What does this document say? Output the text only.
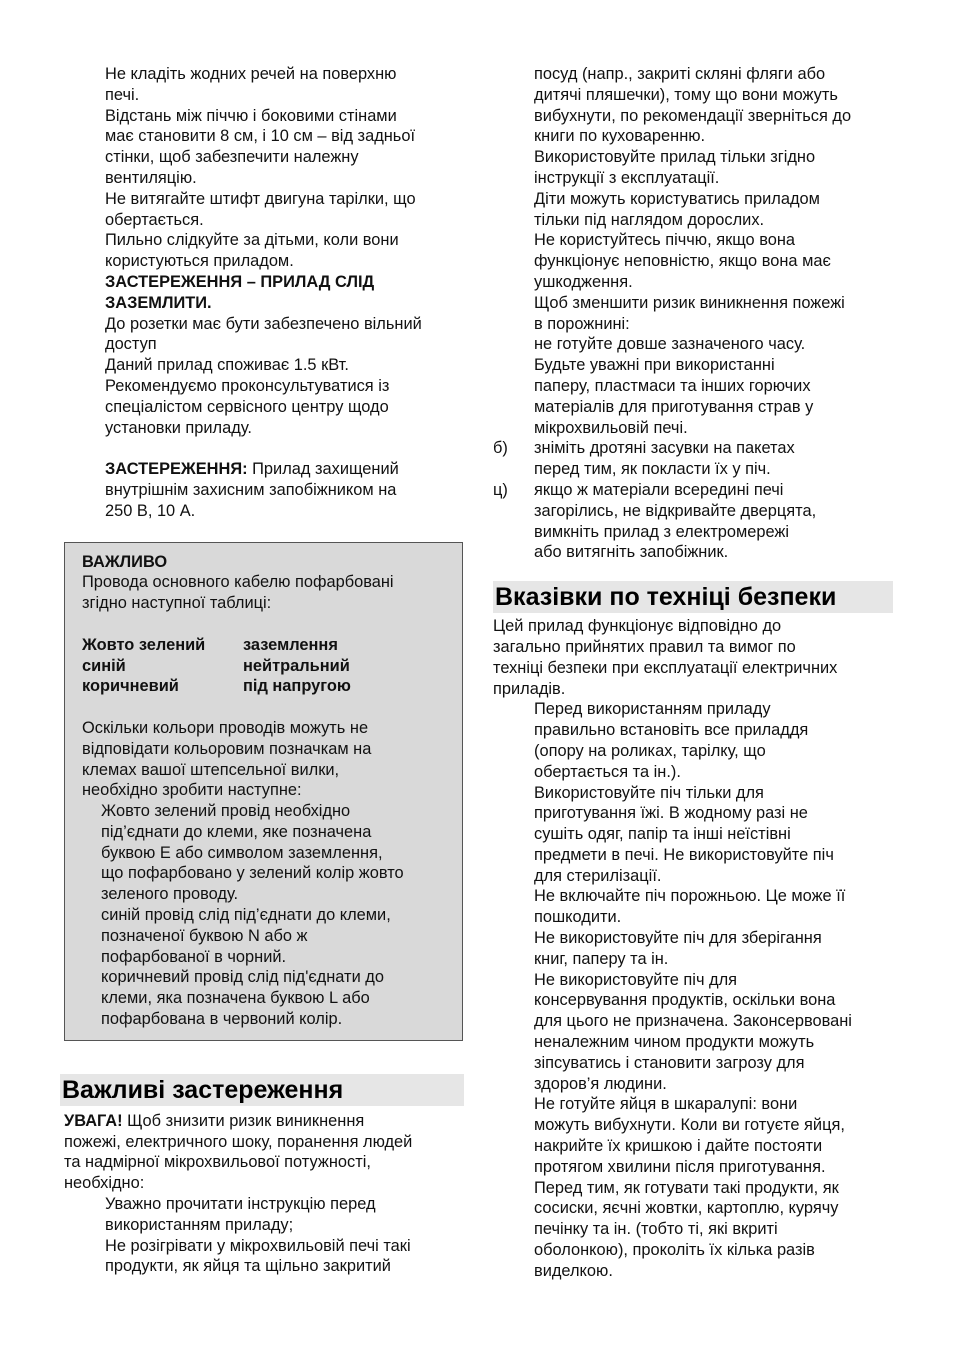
Не кладіть жодних речей на поверхню

печі.

Відстань між піччю і боковими стінами

має становити 8 см, і 10 см – від задньої

стінки, щоб забезпечити належну

вентиляцію.

Не витягайте штифт двигуна тарілки, що

обертається.

Пильно слідкуйте за дітьми, коли вони

користуються приладом.

ЗАСТЕРЕЖЕННЯ – ПРИЛАД СЛІД

ЗАЗЕМЛИТИ.

До розетки має бути забезпечено вільний

доступ

Даний прилад споживає 1.5 кВт.

Рекомендуємо проконсультуватися із

спеціалістом сервісного центру щодо

установки приладу.

ЗАСТЕРЕЖЕННЯ: Прилад захищений

внутрішнім захисним запобіжником на

250 В, 10 А.

ВАЖЛИВО

Провода основного кабелю пофарбовані

згідно наступної таблиці:

Жовто зелений	заземлення
синій	нейтральний
коричневий	під напругою

Оскільки кольори проводів можуть не

відповідати кольоровим позначкам на

клемах вашої штепсельної вилки,

необхідно зробити наступне:

Жовто зелений провід необхідно

під’єднати до клеми, яке позначена

буквою E або символом заземлення,

що пофарбовано у зелений колір жовто

зеленого проводу.

синій провід слід під’єднати до клеми,

позначеної буквою N або ж

пофарбованої в чорний.

коричневий провід слід під'єднати до

клеми, яка позначена буквою L або

пофарбована в червоний колір.

Важливі застереження

УВАГА! Щоб знизити ризик виникнення

пожежі, електричного шоку, поранення людей

та надмірної мікрохвильової потужності,

необхідно:

Уважно прочитати інструкцію перед

використанням приладу;

Не розігрівати у мікрохвильовій печі такі

продукти, як яйця та щільно закритий

посуд (напр., закриті скляні фляги або

дитячі пляшечки), тому що вони можуть

вибухнути, по рекомендації зверніться до

книги по куховаренню.

Використовуйте прилад тільки згідно

інструкції з експлуатації.

Діти можуть користуватись приладом

тільки під наглядом дорослих.

Не користуйтесь піччю, якщо вона

функціонує неповністю, якщо вона має

ушкодження.

Щоб зменшити ризик виникнення пожежі

в порожнині:

не готуйте довше зазначеного часу.

Будьте уважні при використанні

паперу, пластмаси та інших горючих

матеріалів для приготування страв у

мікрохвильовій печі.

б)	зніміть дротяні засувки на пакетах

перед тим, як покласти їх у піч.

ц)	якщо ж матеріали всередині печі

загорілись, не відкривайте дверцята,

вимкніть прилад з електромережі

або витягніть запобіжник.

Вказівки по техніці безпеки

Цей прилад функціонує відповідно до

загально прийнятих правил та вимог по

техніці безпеки при експлуатації електричних

приладів.

Перед використанням приладу

правильно встановіть все приладдя

(опору на роликах, тарілку, що

обертається та ін.).

Використовуйте піч тільки для

приготування їжі. В жодному разі не

сушіть одяг, папір та інші неїстівні

предмети в печі. Не використовуйте піч

для стерилізації.

Не включайте піч порожньою. Це може її

пошкодити.

Не використовуйте піч для зберігання

книг, паперу та ін.

Не використовуйте піч для

консервування продуктів, оскільки вона

для цього не призначена. Законсервовані

неналежним чином продукти можуть

зіпсуватись і становити загрозу для

здоров’я людини.

Не готуйте яйця в шкаралупі: вони

можуть вибухнути. Коли ви готуєте яйця,

накрийте їх кришкою і дайте постояти

протягом хвилини після приготування.

Перед тим, як готувати такі продукти, як

сосиски, яєчні жовтки, картоплю, курячу

печінку та ін. (тобто ті, які вкриті

оболонкою), проколіть їх кілька разів

виделкою.
